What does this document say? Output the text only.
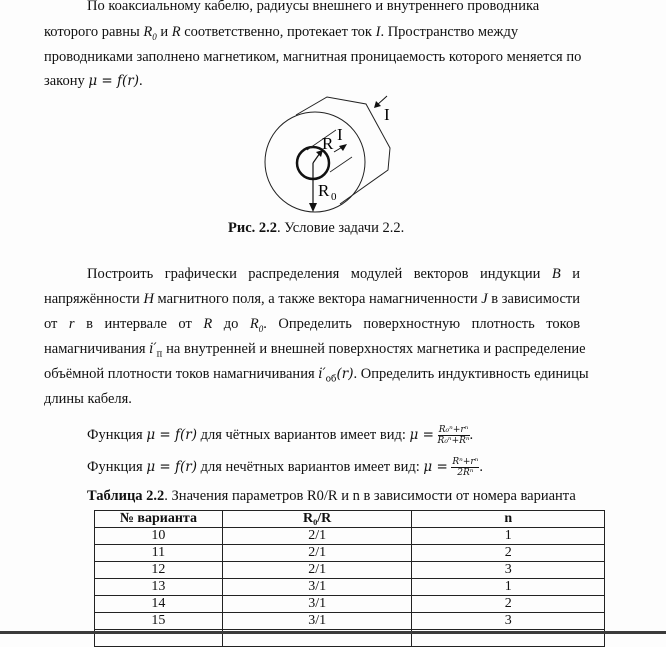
По коаксиальному кабелю, радиусы внешнего и внутреннего проводника
которого равны $R_0$ и R соответственно, протекает ток I. Пространство между
проводниками заполнено магнетиком, магнитная проницаемость которого меняется по
закону μ = f(r).
I
I
R
R 0
Рис. 2.2. Условие задачи 2.2.
Построить графически распределения модулей векторов индукции B и
напряжённости H магнитного поля, а также вектора намагниченности J в зависимости
от r в интервале от R до $R_0$. Определить поверхностную плотность токов
намагничивания $i'_п$ на внутренней и внешней поверхностях магнетика и распределение
объёмной плотности токов намагничивания $i'_{об}(r)$. Определить индуктивность единицы
длины кабеля.
Функция μ = f(r) для чётных вариантов имеет вид: $\mu = \frac{\text{R₀ⁿ+rⁿ}}{\text{R₀ⁿ+Rⁿ}}$ .
Функция μ = f(r) для нечётных вариантов имеет вид: $\mu = \frac{\text{Rⁿ+rⁿ}}{\text{2Rⁿ}}$ .
Таблица 2.2. Значения параметров R0/R и n в зависимости от номера варианта
№ варианта	R₀/R	n
10	2/1	1
11	2/1	2
12	2/1	3
13	3/1	1
14	3/1	2
15	3/1	3
